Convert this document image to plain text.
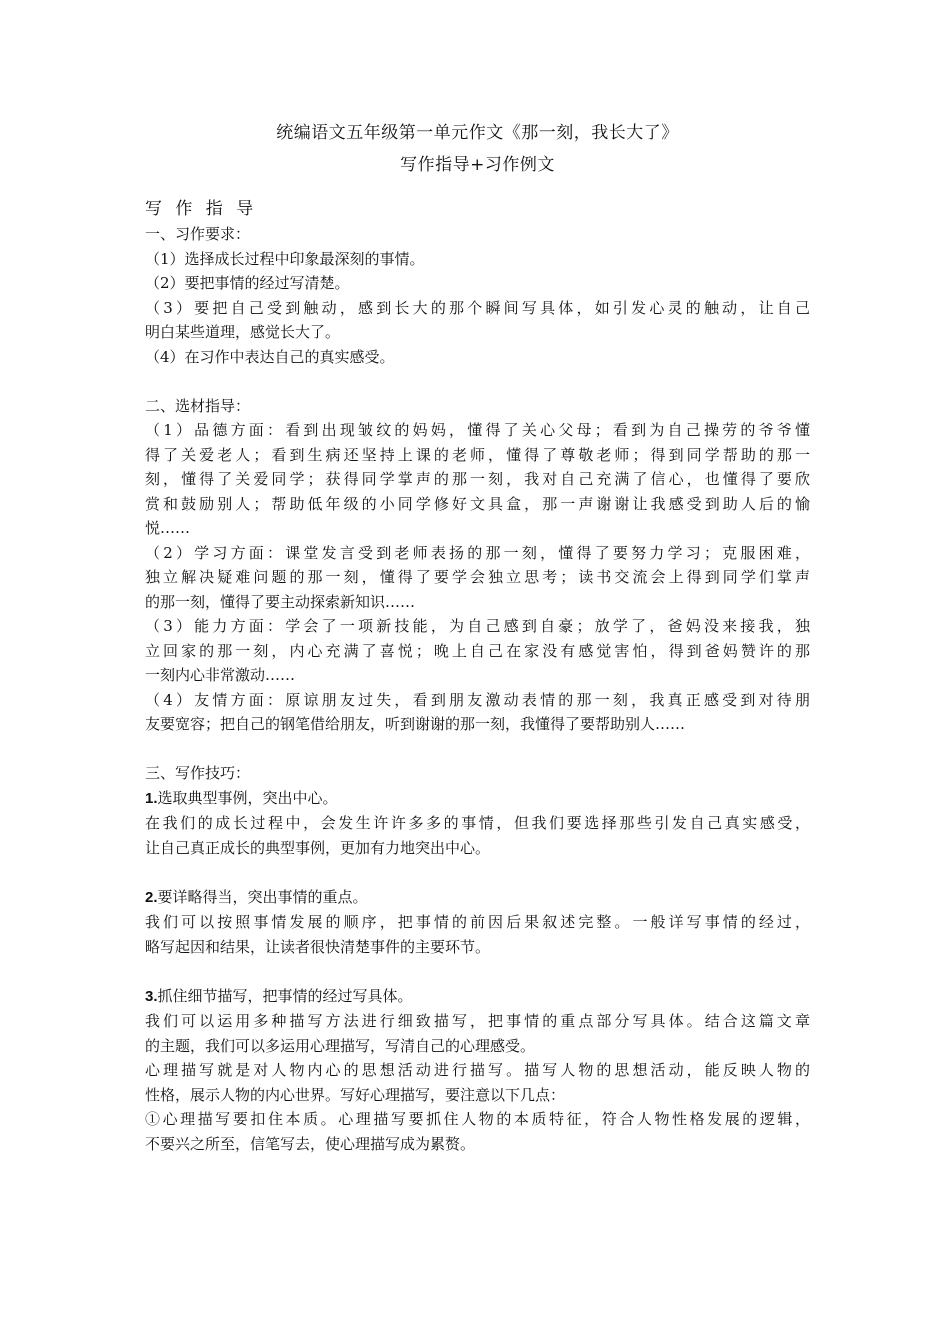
统编语文五年级第一单元作文《那一刻，我长大了》
写作指导+习作例文
写 作 指 导

一、习作要求：

（1）选择成长过程中印象最深刻的事情。

（2）要把事情的经过写清楚。

（3）要把自己受到触动，感到长大的那个瞬间写具体，如引发心灵的触动，让自己

明白某些道理，感觉长大了。

（4）在习作中表达自己的真实感受。

二、选材指导：

（1）品德方面：看到出现皱纹的妈妈，懂得了关心父母；看到为自己操劳的爷爷懂

得了关爱老人；看到生病还坚持上课的老师，懂得了尊敬老师；得到同学帮助的那一

刻，懂得了关爱同学；获得同学掌声的那一刻，我对自己充满了信心，也懂得了要欣

赏和鼓励别人；帮助低年级的小同学修好文具盒，那一声谢谢让我感受到助人后的愉

悦……

（2）学习方面：课堂发言受到老师表扬的那一刻，懂得了要努力学习；克服困难，

独立解决疑难问题的那一刻，懂得了要学会独立思考；读书交流会上得到同学们掌声

的那一刻，懂得了要主动探索新知识……

（3）能力方面：学会了一项新技能，为自己感到自豪；放学了，爸妈没来接我，独

立回家的那一刻，内心充满了喜悦；晚上自己在家没有感觉害怕，得到爸妈赞许的那

一刻内心非常激动……

（4）友情方面：原谅朋友过失，看到朋友激动表情的那一刻，我真正感受到对待朋

友要宽容；把自己的钢笔借给朋友，听到谢谢的那一刻，我懂得了要帮助别人……

三、写作技巧：

1.选取典型事例，突出中心。

在我们的成长过程中，会发生许许多多的事情，但我们要选择那些引发自己真实感受，

让自己真正成长的典型事例，更加有力地突出中心。

2.要详略得当，突出事情的重点。

我们可以按照事情发展的顺序，把事情的前因后果叙述完整。一般详写事情的经过，

略写起因和结果，让读者很快清楚事件的主要环节。

3.抓住细节描写，把事情的经过写具体。

我们可以运用多种描写方法进行细致描写，把事情的重点部分写具体。结合这篇文章

的主题，我们可以多运用心理描写，写清自己的心理感受。

心理描写就是对人物内心的思想活动进行描写。描写人物的思想活动，能反映人物的

性格，展示人物的内心世界。写好心理描写，要注意以下几点：

①心理描写要扣住本质。心理描写要抓住人物的本质特征，符合人物性格发展的逻辑，

不要兴之所至，信笔写去，使心理描写成为累赘。
